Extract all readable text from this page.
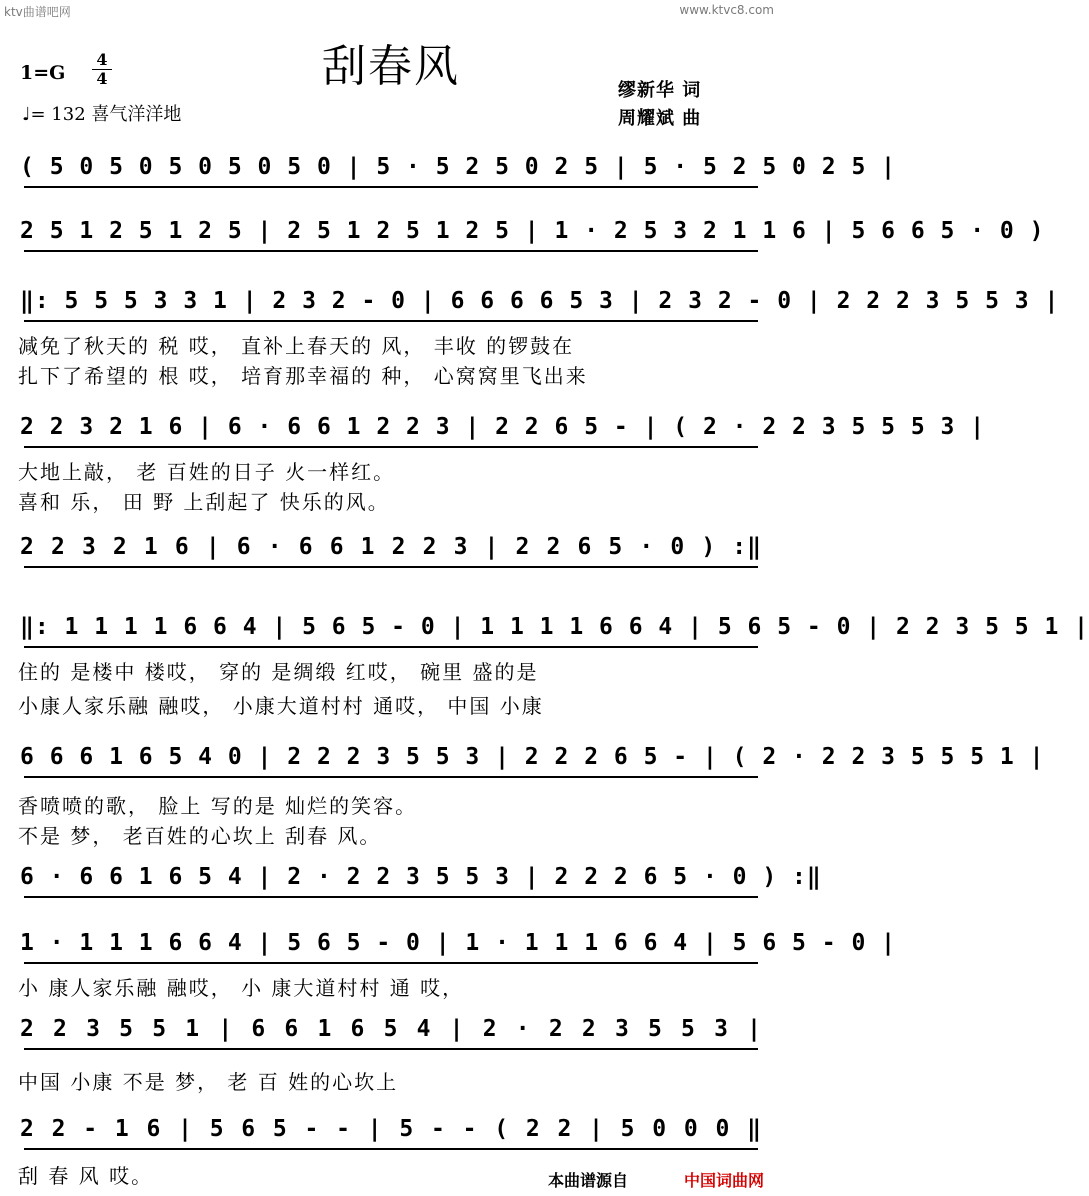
ktv曲谱吧网	www.ktvc8.com
刮春风
1=G
4
4
♩= 132 喜气洋洋地
缪新华 词
周耀斌 曲
( 5 0 5 0 5 0 5 0 5 0 | 5 · 5 2 5 0 2 5 | 5 · 5 2 5 0 2 5 |
2 5 1 2 5 1 2 5 | 2 5 1 2 5 1 2 5 | 1 · 2 5 3 2 1 1 6 | 5 6 6 5 · 0 )
‖: 5 5 5 3 3 1 | 2 3 2 - 0 | 6 6 6 6 5 3 | 2 3 2 - 0 | 2 2 2 3 5 5 3 |
2 2 3 2 1 6 | 6 · 6 6 1 2 2 3 | 2 2 6 5 - | ( 2 · 2 2 3 5 5 5 3 |
2 2 3 2 1 6 | 6 · 6 6 1 2 2 3 | 2 2 6 5 · 0 ) :‖
‖: 1 1 1 1 6 6 4 | 5 6 5 - 0 | 1 1 1 1 6 6 4 | 5 6 5 - 0 | 2 2 3 5 5 1 |
6 6 6 1 6 5 4 0 | 2 2 2 3 5 5 3 | 2 2 2 6 5 - | ( 2 · 2 2 3 5 5 5 1 |
6 · 6 6 1 6 5 4 | 2 · 2 2 3 5 5 3 | 2 2 2 6 5 · 0 ) :‖
1 · 1 1 1 6 6 4 | 5 6 5 - 0 | 1 · 1 1 1 6 6 4 | 5 6 5 - 0 |
2 2 3 5 5 1 | 6 6 1 6 5 4 | 2 · 2 2 3 5 5 3 |
2 2 - 1 6 | 5 6 5 - - | 5 - - ( 2 2 | 5 0 0 0 ‖
减免了秋天的 税 哎， 直补上春天的 风， 丰收 的锣鼓在
扎下了希望的 根 哎， 培育那幸福的 种， 心窝窝里飞出来
大地上敲， 老 百姓的日子 火一样红。
喜和 乐， 田 野 上刮起了 快乐的风。
住的 是楼中 楼哎， 穿的 是绸缎 红哎， 碗里 盛的是
小康人家乐融 融哎， 小康大道村村 通哎， 中国 小康
香喷喷的歌， 脸上 写的是 灿烂的笑容。
不是 梦， 老百姓的心坎上 刮春 风。
小 康人家乐融 融哎， 小 康大道村村 通 哎，
中国 小康 不是 梦， 老 百 姓的心坎上
刮 春 风 哎。	本曲谱源自	中国词曲网
